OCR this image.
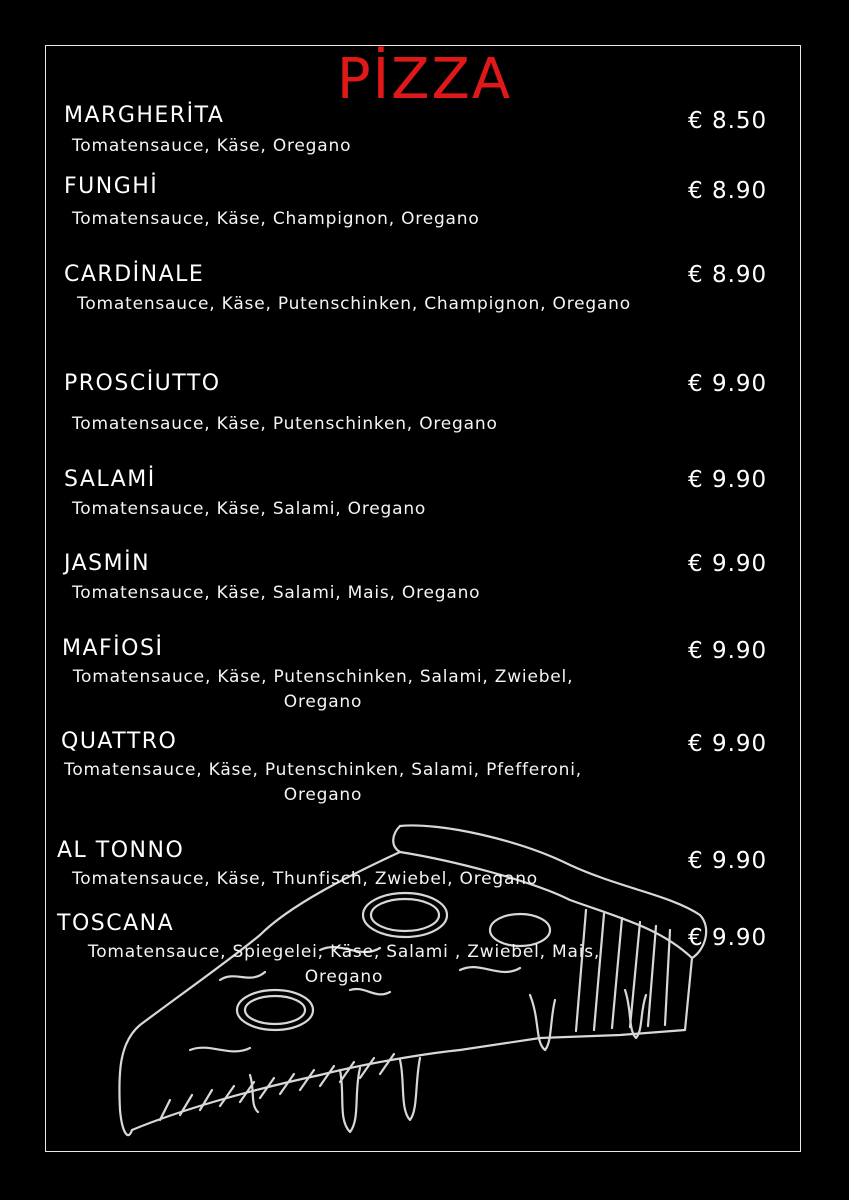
PİZZA
MARGHERİTA
Tomatensauce, Käse, Oregano
€ 8.50
FUNGHİ
Tomatensauce, Käse, Champignon, Oregano
€ 8.90
CARDİNALE
Tomatensauce, Käse, Putenschinken, Champignon, Oregano
€ 8.90
PROSCİUTTO
Tomatensauce, Käse, Putenschinken, Oregano
€ 9.90
SALAMİ
Tomatensauce, Käse, Salami, Oregano
€ 9.90
JASMİN
Tomatensauce, Käse, Salami, Mais, Oregano
€ 9.90
MAFİOSİ
Tomatensauce, Käse, Putenschinken, Salami, Zwiebel, Oregano
€ 9.90
QUATTRO
Tomatensauce, Käse, Putenschinken, Salami, Pfefferoni, Oregano
€ 9.90
AL TONNO
Tomatensauce, Käse, Thunfisch, Zwiebel, Oregano
€ 9.90
TOSCANA
Tomatensauce, Spiegelei, Käse, Salami , Zwiebel, Mais, Oregano
€ 9.90
